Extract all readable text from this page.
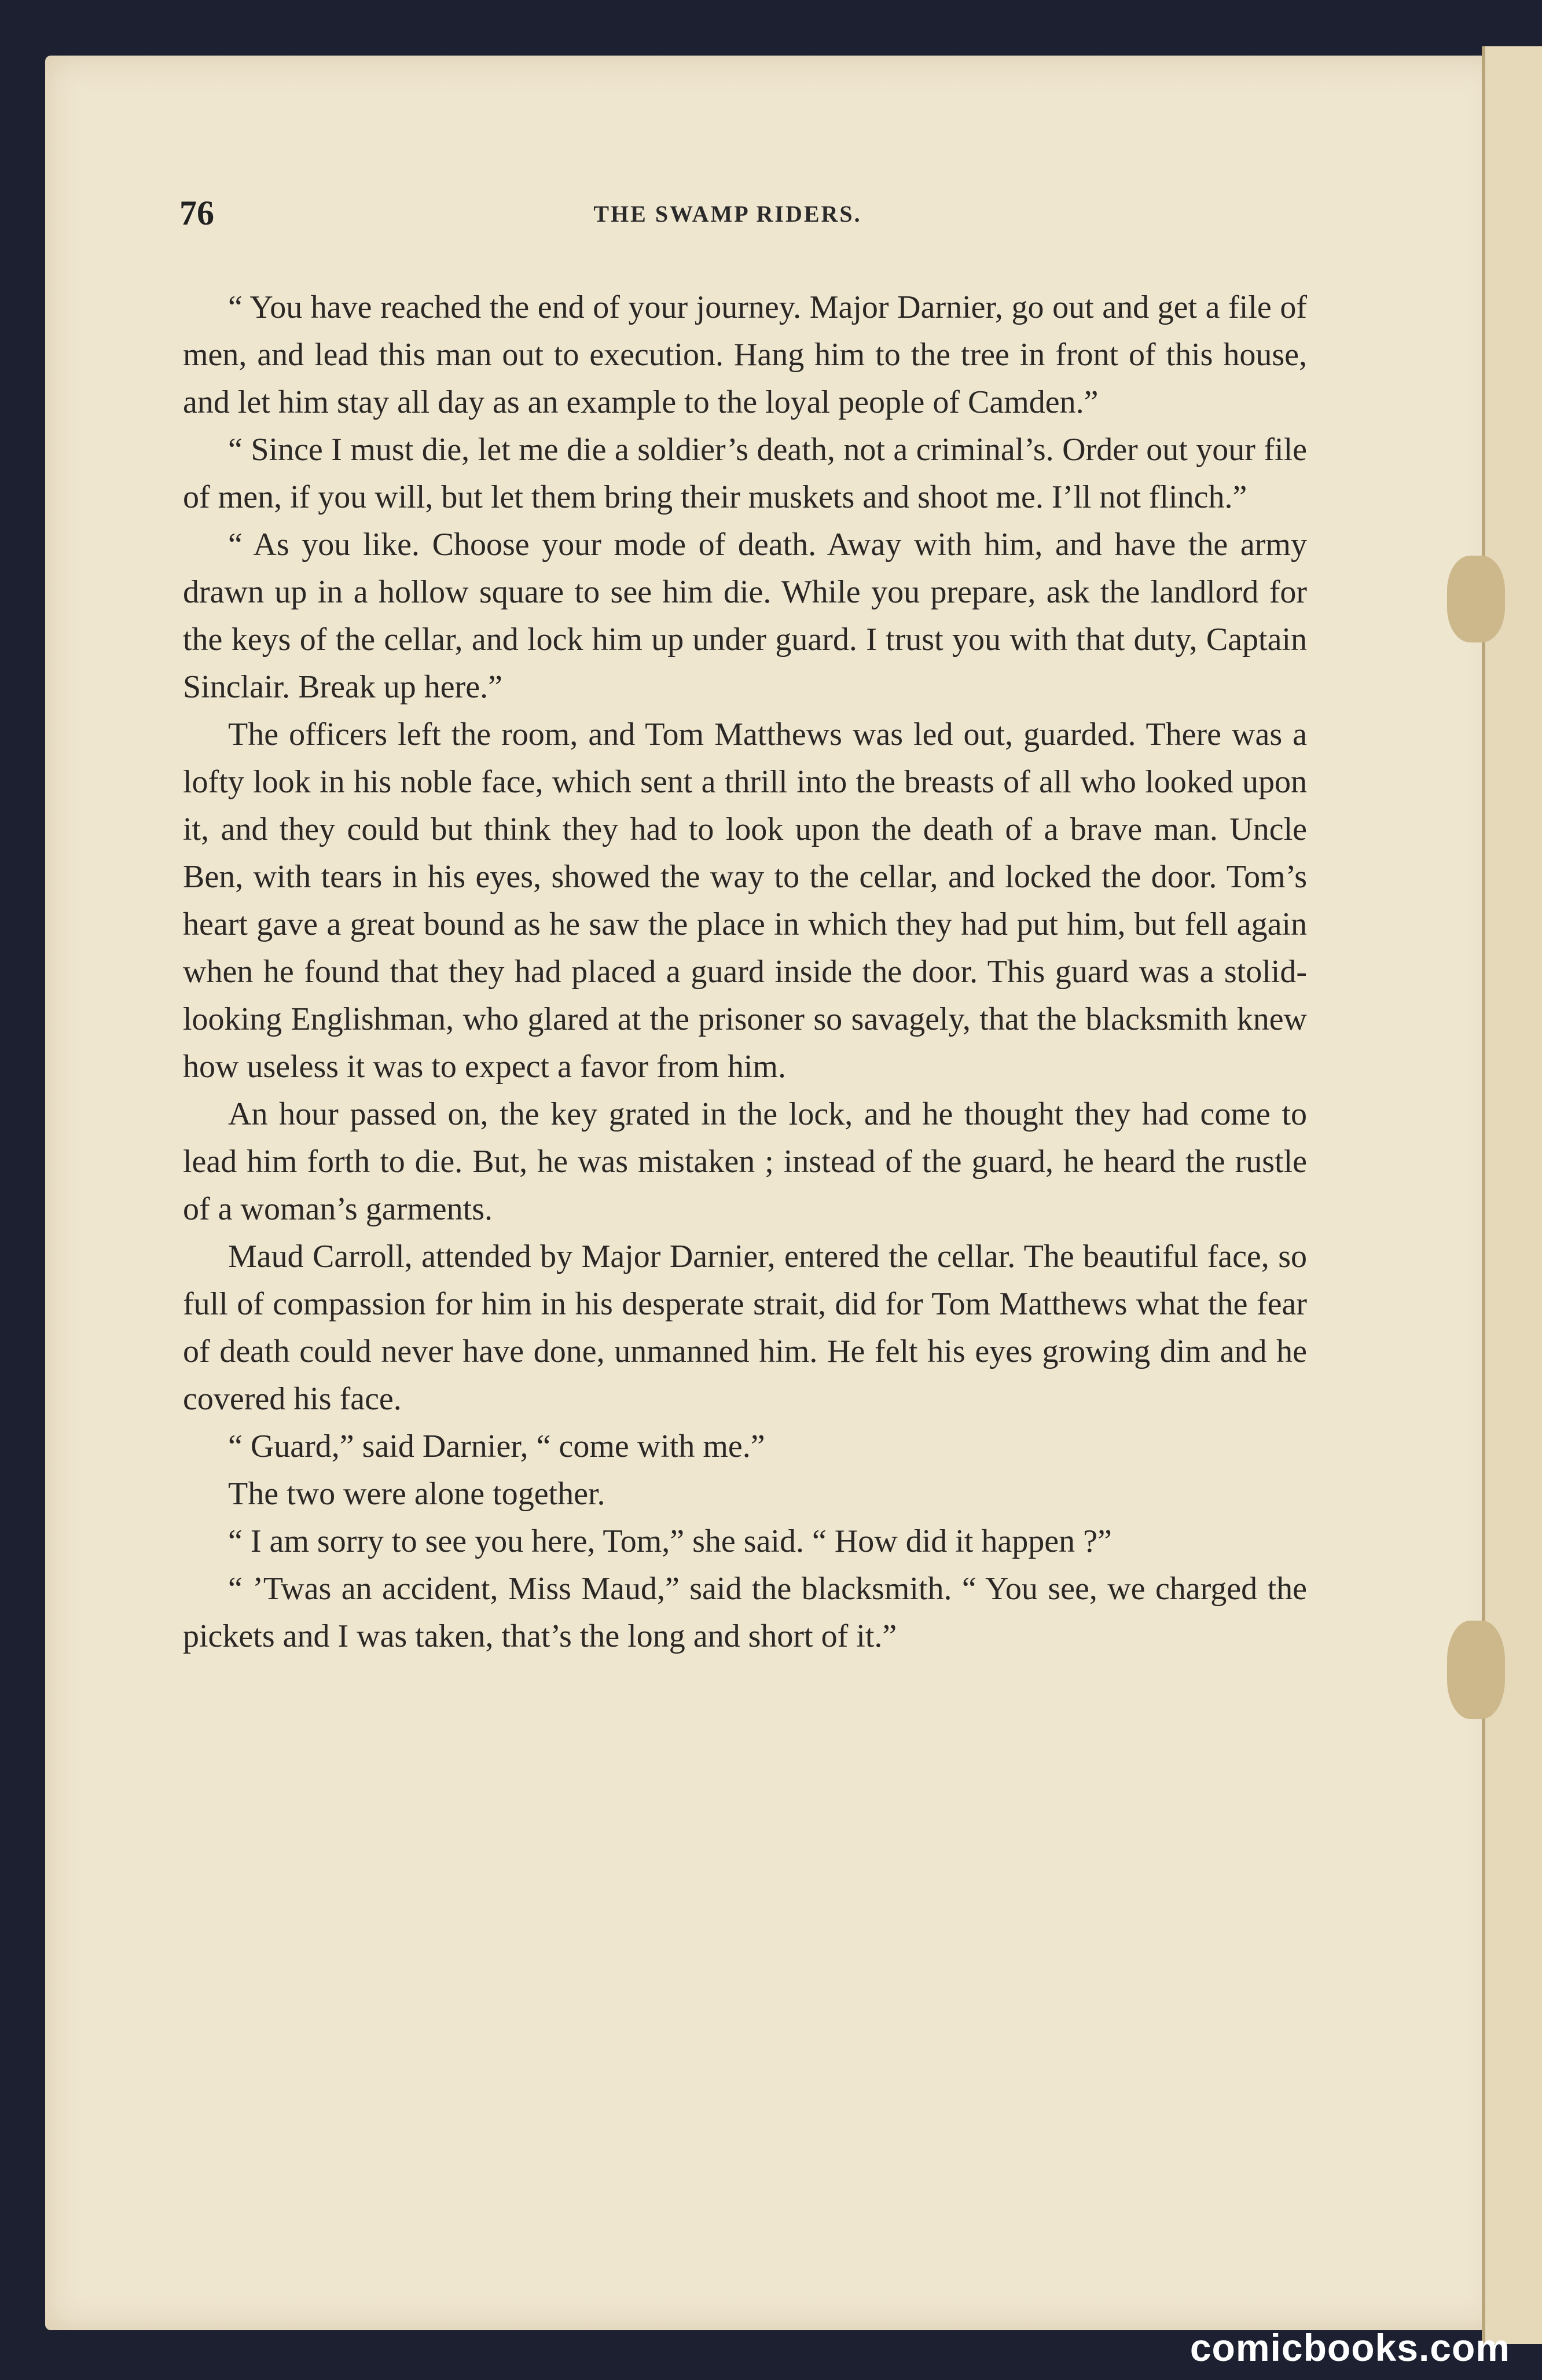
76	THE SWAMP RIDERS.

“ You have reached the end of your journey. Major Darnier, go out and get a file of men, and lead this man out to execution. Hang him to the tree in front of this house, and let him stay all day as an example to the loyal people of Camden.”

“ Since I must die, let me die a soldier’s death, not a criminal’s. Order out your file of men, if you will, but let them bring their muskets and shoot me. I’ll not flinch.”

“ As you like. Choose your mode of death. Away with him, and have the army drawn up in a hollow square to see him die. While you prepare, ask the landlord for the keys of the cellar, and lock him up under guard. I trust you with that duty, Captain Sinclair. Break up here.”

The officers left the room, and Tom Matthews was led out, guarded. There was a lofty look in his noble face, which sent a thrill into the breasts of all who looked upon it, and they could but think they had to look upon the death of a brave man. Uncle Ben, with tears in his eyes, showed the way to the cellar, and locked the door. Tom’s heart gave a great bound as he saw the place in which they had put him, but fell again when he found that they had placed a guard inside the door. This guard was a stolid-looking Englishman, who glared at the prisoner so savagely, that the blacksmith knew how useless it was to expect a favor from him.

An hour passed on, the key grated in the lock, and he thought they had come to lead him forth to die. But, he was mistaken ; instead of the guard, he heard the rustle of a woman’s garments.

Maud Carroll, attended by Major Darnier, entered the cellar. The beautiful face, so full of compassion for him in his desperate strait, did for Tom Matthews what the fear of death could never have done, unmanned him. He felt his eyes growing dim and he covered his face.

“ Guard,” said Darnier, “ come with me.”

The two were alone together.

“ I am sorry to see you here, Tom,” she said. “ How did it happen ?”

“ ’Twas an accident, Miss Maud,” said the blacksmith. “ You see, we charged the pickets and I was taken, that’s the long and short of it.”

comicbooks.com
